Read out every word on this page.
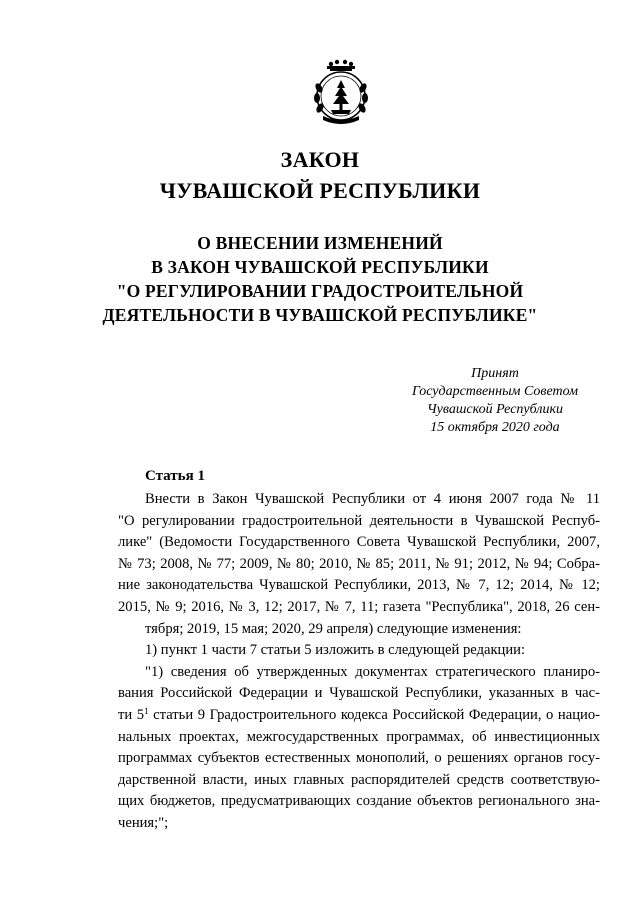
ЗАКОН
ЧУВАШСКОЙ РЕСПУБЛИКИ
О ВНЕСЕНИИ ИЗМЕНЕНИЙ
В ЗАКОН ЧУВАШСКОЙ РЕСПУБЛИКИ
"О РЕГУЛИРОВАНИИ ГРАДОСТРОИТЕЛЬНОЙ
ДЕЯТЕЛЬНОСТИ В ЧУВАШСКОЙ РЕСПУБЛИКЕ"
Принят
Государственным Советом
Чувашской Республики
15 октября 2020 года
Статья 1
Внести в Закон Чувашской Республики от 4 июня 2007 года № 11
"О регулировании градостроительной деятельности в Чувашской Респуб-
лике" (Ведомости Государственного Совета Чувашской Республики, 2007,
№ 73; 2008, № 77; 2009, № 80; 2010, № 85; 2011, № 91; 2012, № 94; Собра-
ние законодательства Чувашской Республики, 2013, № 7, 12; 2014, № 12;
2015, № 9; 2016, № 3, 12; 2017, № 7, 11; газета "Республика", 2018, 26 сен-
тября; 2019, 15 мая; 2020, 29 апреля) следующие изменения:
1) пункт 1 части 7 статьи 5 изложить в следующей редакции:
"1) сведения об утвержденных документах стратегического планиро-
вания Российской Федерации и Чувашской Республики, указанных в час-
ти $5^1$ статьи 9 Градостроительного кодекса Российской Федерации, о нацио-
нальных проектах, межгосударственных программах, об инвестиционных
программах субъектов естественных монополий, о решениях органов госу-
дарственной власти, иных главных распорядителей средств соответствую-
щих бюджетов, предусматривающих создание объектов регионального зна-
чения;";
